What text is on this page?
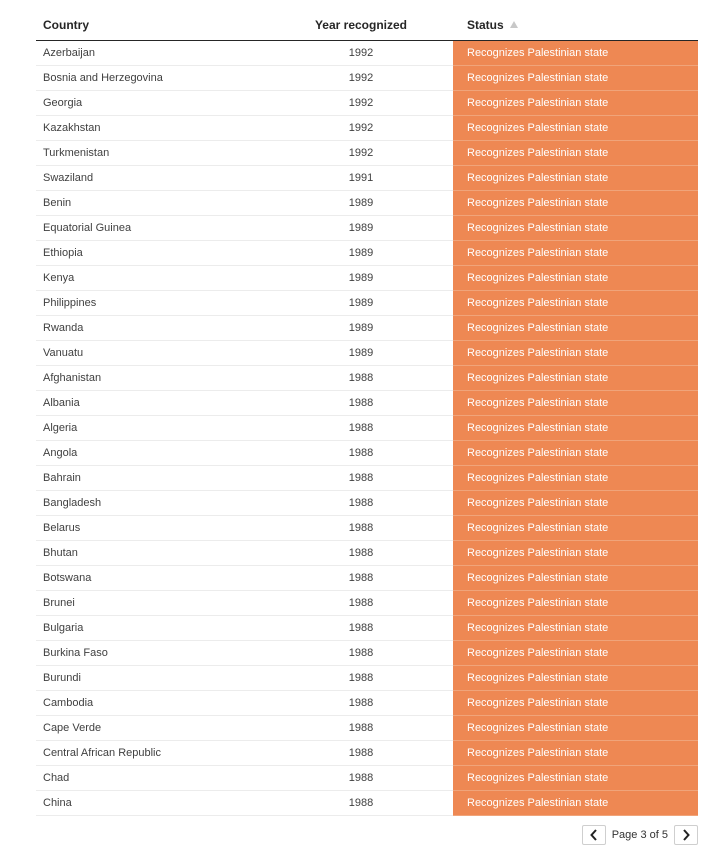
Country	Year recognized	Status
Azerbaijan	1992	Recognizes Palestinian state
Bosnia and Herzegovina	1992	Recognizes Palestinian state
Georgia	1992	Recognizes Palestinian state
Kazakhstan	1992	Recognizes Palestinian state
Turkmenistan	1992	Recognizes Palestinian state
Swaziland	1991	Recognizes Palestinian state
Benin	1989	Recognizes Palestinian state
Equatorial Guinea	1989	Recognizes Palestinian state
Ethiopia	1989	Recognizes Palestinian state
Kenya	1989	Recognizes Palestinian state
Philippines	1989	Recognizes Palestinian state
Rwanda	1989	Recognizes Palestinian state
Vanuatu	1989	Recognizes Palestinian state
Afghanistan	1988	Recognizes Palestinian state
Albania	1988	Recognizes Palestinian state
Algeria	1988	Recognizes Palestinian state
Angola	1988	Recognizes Palestinian state
Bahrain	1988	Recognizes Palestinian state
Bangladesh	1988	Recognizes Palestinian state
Belarus	1988	Recognizes Palestinian state
Bhutan	1988	Recognizes Palestinian state
Botswana	1988	Recognizes Palestinian state
Brunei	1988	Recognizes Palestinian state
Bulgaria	1988	Recognizes Palestinian state
Burkina Faso	1988	Recognizes Palestinian state
Burundi	1988	Recognizes Palestinian state
Cambodia	1988	Recognizes Palestinian state
Cape Verde	1988	Recognizes Palestinian state
Central African Republic	1988	Recognizes Palestinian state
Chad	1988	Recognizes Palestinian state
China	1988	Recognizes Palestinian state
Page 3 of 5
